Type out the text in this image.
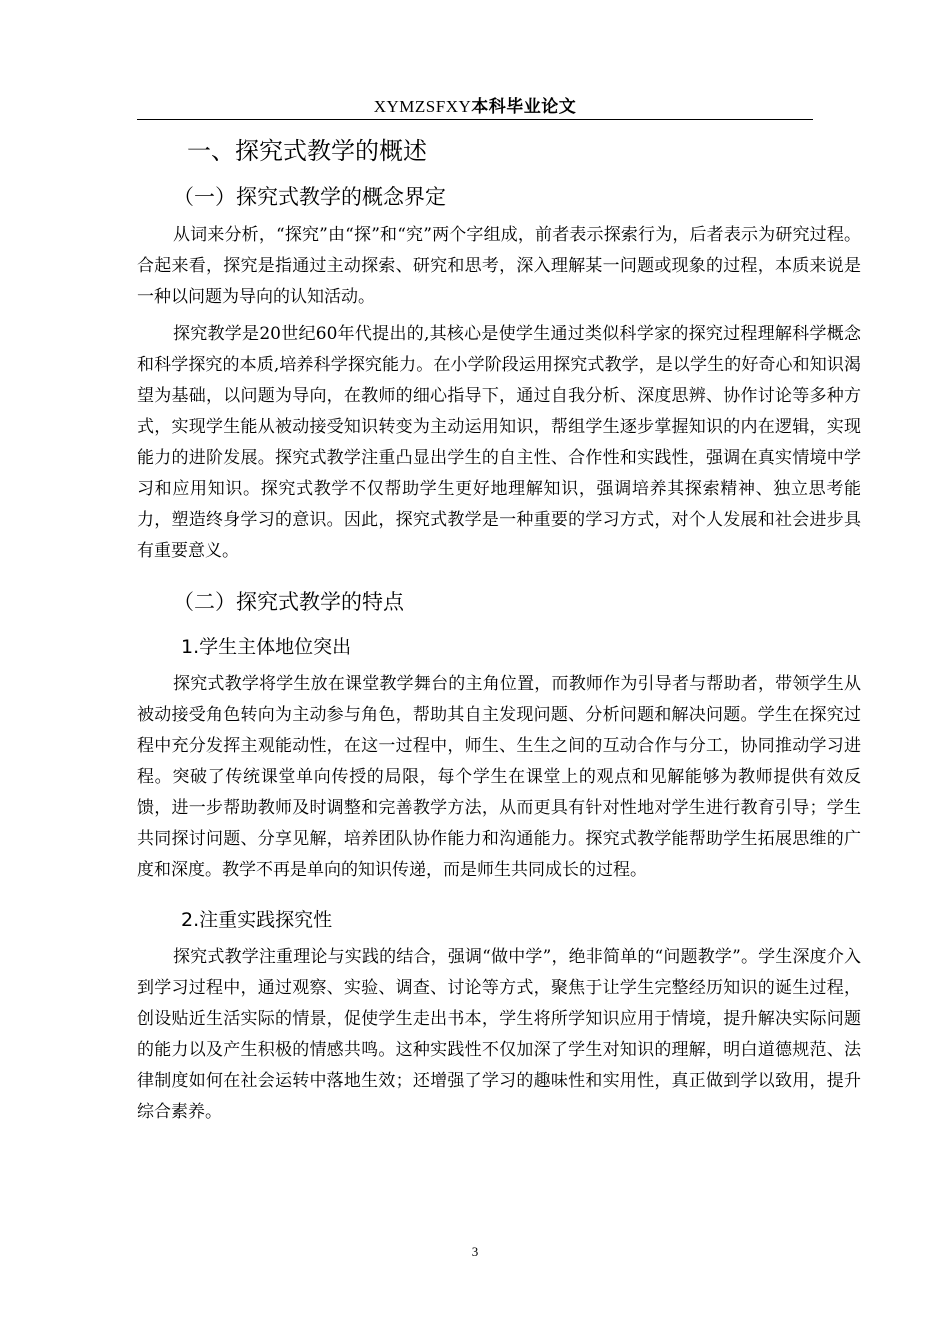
XYMZSFXY本科毕业论文
一、探究式教学的概述
（一）探究式教学的概念界定

从词来分析，“探究”由“探”和“究”两个字组成，前者表示探索行为，后者表示为研究过程。合起来看，探究是指通过主动探索、研究和思考，深入理解某一问题或现象的过程，本质来说是一种以问题为导向的认知活动。

探究教学是20世纪60年代提出的,其核心是使学生通过类似科学家的探究过程理解科学概念和科学探究的本质,培养科学探究能力。在小学阶段运用探究式教学，是以学生的好奇心和知识渴望为基础，以问题为导向，在教师的细心指导下，通过自我分析、深度思辨、协作讨论等多种方式，实现学生能从被动接受知识转变为主动运用知识，帮组学生逐步掌握知识的内在逻辑，实现能力的进阶发展。探究式教学注重凸显出学生的自主性、合作性和实践性，强调在真实情境中学习和应用知识。探究式教学不仅帮助学生更好地理解知识，强调培养其探索精神、独立思考能力，塑造终身学习的意识。因此，探究式教学是一种重要的学习方式，对个人发展和社会进步具有重要意义。

（二）探究式教学的特点
1.学生主体地位突出

探究式教学将学生放在课堂教学舞台的主角位置，而教师作为引导者与帮助者，带领学生从被动接受角色转向为主动参与角色，帮助其自主发现问题、分析问题和解决问题。学生在探究过程中充分发挥主观能动性，在这一过程中，师生、生生之间的互动合作与分工，协同推动学习进程。突破了传统课堂单向传授的局限，每个学生在课堂上的观点和见解能够为教师提供有效反馈，进一步帮助教师及时调整和完善教学方法，从而更具有针对性地对学生进行教育引导；学生共同探讨问题、分享见解，培养团队协作能力和沟通能力。探究式教学能帮助学生拓展思维的广度和深度。教学不再是单向的知识传递，而是师生共同成长的过程。

2.注重实践探究性

探究式教学注重理论与实践的结合，强调“做中学”，绝非简单的“问题教学”。学生深度介入到学习过程中，通过观察、实验、调查、讨论等方式，聚焦于让学生完整经历知识的诞生过程，创设贴近生活实际的情景，促使学生走出书本，学生将所学知识应用于情境，提升解决实际问题的能力以及产生积极的情感共鸣。这种实践性不仅加深了学生对知识的理解，明白道德规范、法律制度如何在社会运转中落地生效；还增强了学习的趣味性和实用性，真正做到学以致用，提升综合素养。

3
